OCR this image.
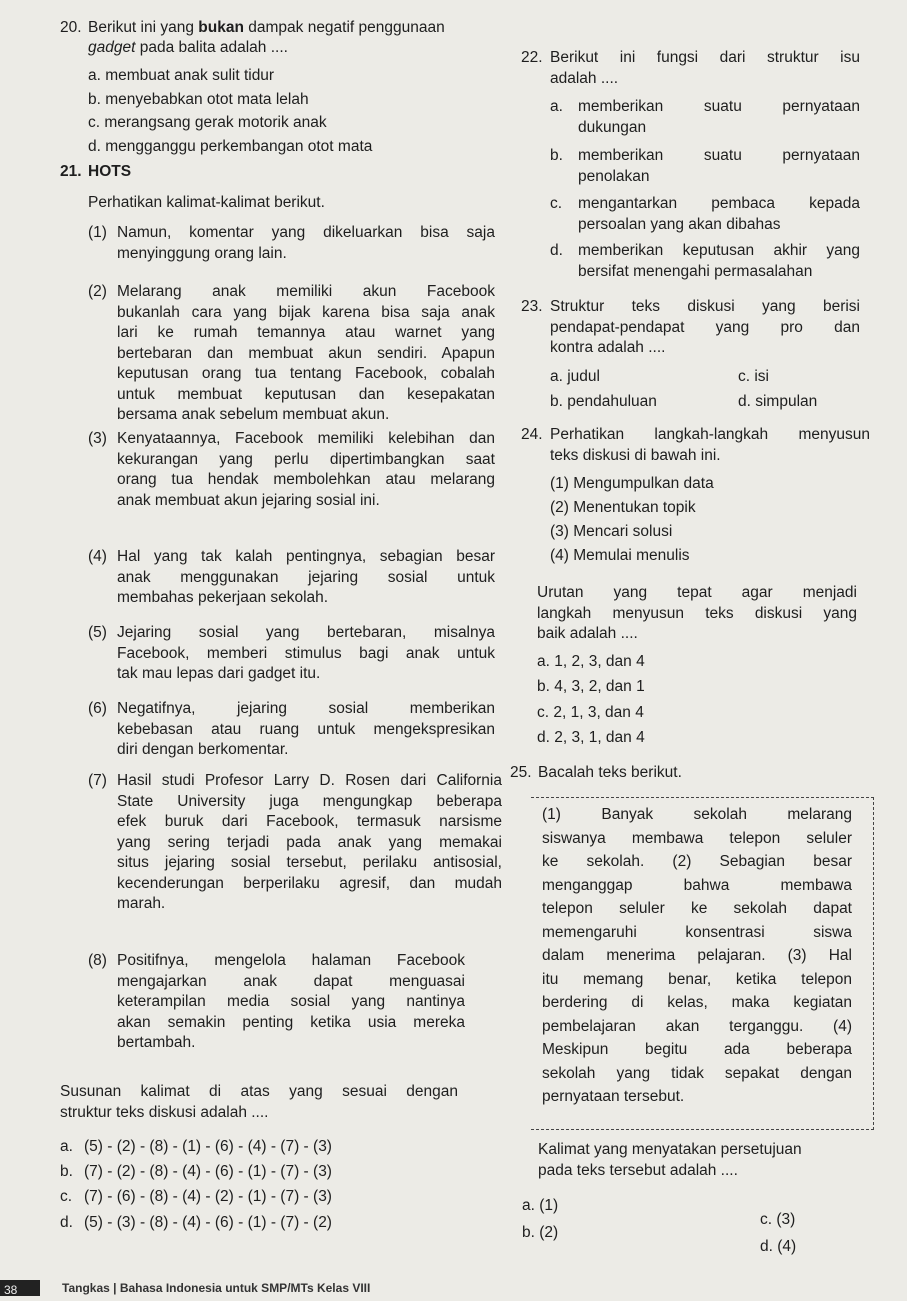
20. Berikut ini yang bukan dampak negatif penggunaan
gadget pada balita adalah ....
a. membuat anak sulit tidur
b. menyebabkan otot mata lelah
c. merangsang gerak motorik anak
d. mengganggu perkembangan otot mata
21. HOTS
Perhatikan kalimat-kalimat berikut.
(1) Namun, komentar yang dikeluarkan bisa saja
menyinggung orang lain.
(2) Melarang anak memiliki akun Facebook
bukanlah cara yang bijak karena bisa saja anak
lari ke rumah temannya atau warnet yang
bertebaran dan membuat akun sendiri. Apapun
keputusan orang tua tentang Facebook, cobalah
untuk membuat keputusan dan kesepakatan
bersama anak sebelum membuat akun.
(3) Kenyataannya, Facebook memiliki kelebihan dan
kekurangan yang perlu dipertimbangkan saat
orang tua hendak membolehkan atau melarang
anak membuat akun jejaring sosial ini.
(4) Hal yang tak kalah pentingnya, sebagian besar
anak menggunakan jejaring sosial untuk
membahas pekerjaan sekolah.
(5) Jejaring sosial yang bertebaran, misalnya
Facebook, memberi stimulus bagi anak untuk
tak mau lepas dari gadget itu.
(6) Negatifnya, jejaring sosial memberikan
kebebasan atau ruang untuk mengekspresikan
diri dengan berkomentar.
(7) Hasil studi Profesor Larry D. Rosen dari California
State University juga mengungkap beberapa
efek buruk dari Facebook, termasuk narsisme
yang sering terjadi pada anak yang memakai
situs jejaring sosial tersebut, perilaku antisosial,
kecenderungan berperilaku agresif, dan mudah
marah.
(8) Positifnya, mengelola halaman Facebook
mengajarkan anak dapat menguasai
keterampilan media sosial yang nantinya
akan semakin penting ketika usia mereka
bertambah.
Susunan kalimat di atas yang sesuai dengan
struktur teks diskusi adalah ....
a. (5) - (2) - (8) - (1) - (6) - (4) - (7) - (3)
b. (7) - (2) - (8) - (4) - (6) - (1) - (7) - (3)
c. (7) - (6) - (8) - (4) - (2) - (1) - (7) - (3)
d. (5) - (3) - (8) - (4) - (6) - (1) - (7) - (2)
22. Berikut ini fungsi dari struktur isu
adalah ....
a. memberikan suatu pernyataan
dukungan
b. memberikan suatu pernyataan
penolakan
c. mengantarkan pembaca kepada
persoalan yang akan dibahas
d. memberikan keputusan akhir yang
bersifat menengahi permasalahan
23. Struktur teks diskusi yang berisi
pendapat-pendapat yang pro dan
kontra adalah ....
a. judul	c. isi
b. pendahuluan	d. simpulan
24. Perhatikan langkah-langkah menyusun
teks diskusi di bawah ini.
(1) Mengumpulkan data
(2) Menentukan topik
(3) Mencari solusi
(4) Memulai menulis
Urutan yang tepat agar menjadi
langkah menyusun teks diskusi yang
baik adalah ....
a. 1, 2, 3, dan 4
b. 4, 3, 2, dan 1
c. 2, 1, 3, dan 4
d. 2, 3, 1, dan 4
25. Bacalah teks berikut.
(1) Banyak sekolah melarang
siswanya membawa telepon seluler
ke sekolah. (2) Sebagian besar
menganggap bahwa membawa
telepon seluler ke sekolah dapat
memengaruhi konsentrasi siswa
dalam menerima pelajaran. (3) Hal
itu memang benar, ketika telepon
berdering di kelas, maka kegiatan
pembelajaran akan terganggu. (4)
Meskipun begitu ada beberapa
sekolah yang tidak sepakat dengan
pernyataan tersebut.
Kalimat yang menyatakan persetujuan
pada teks tersebut adalah ....
a. (1)
c. (3)
b. (2)
d. (4)
38	Tangkas | Bahasa Indonesia untuk SMP/MTs Kelas VIII
